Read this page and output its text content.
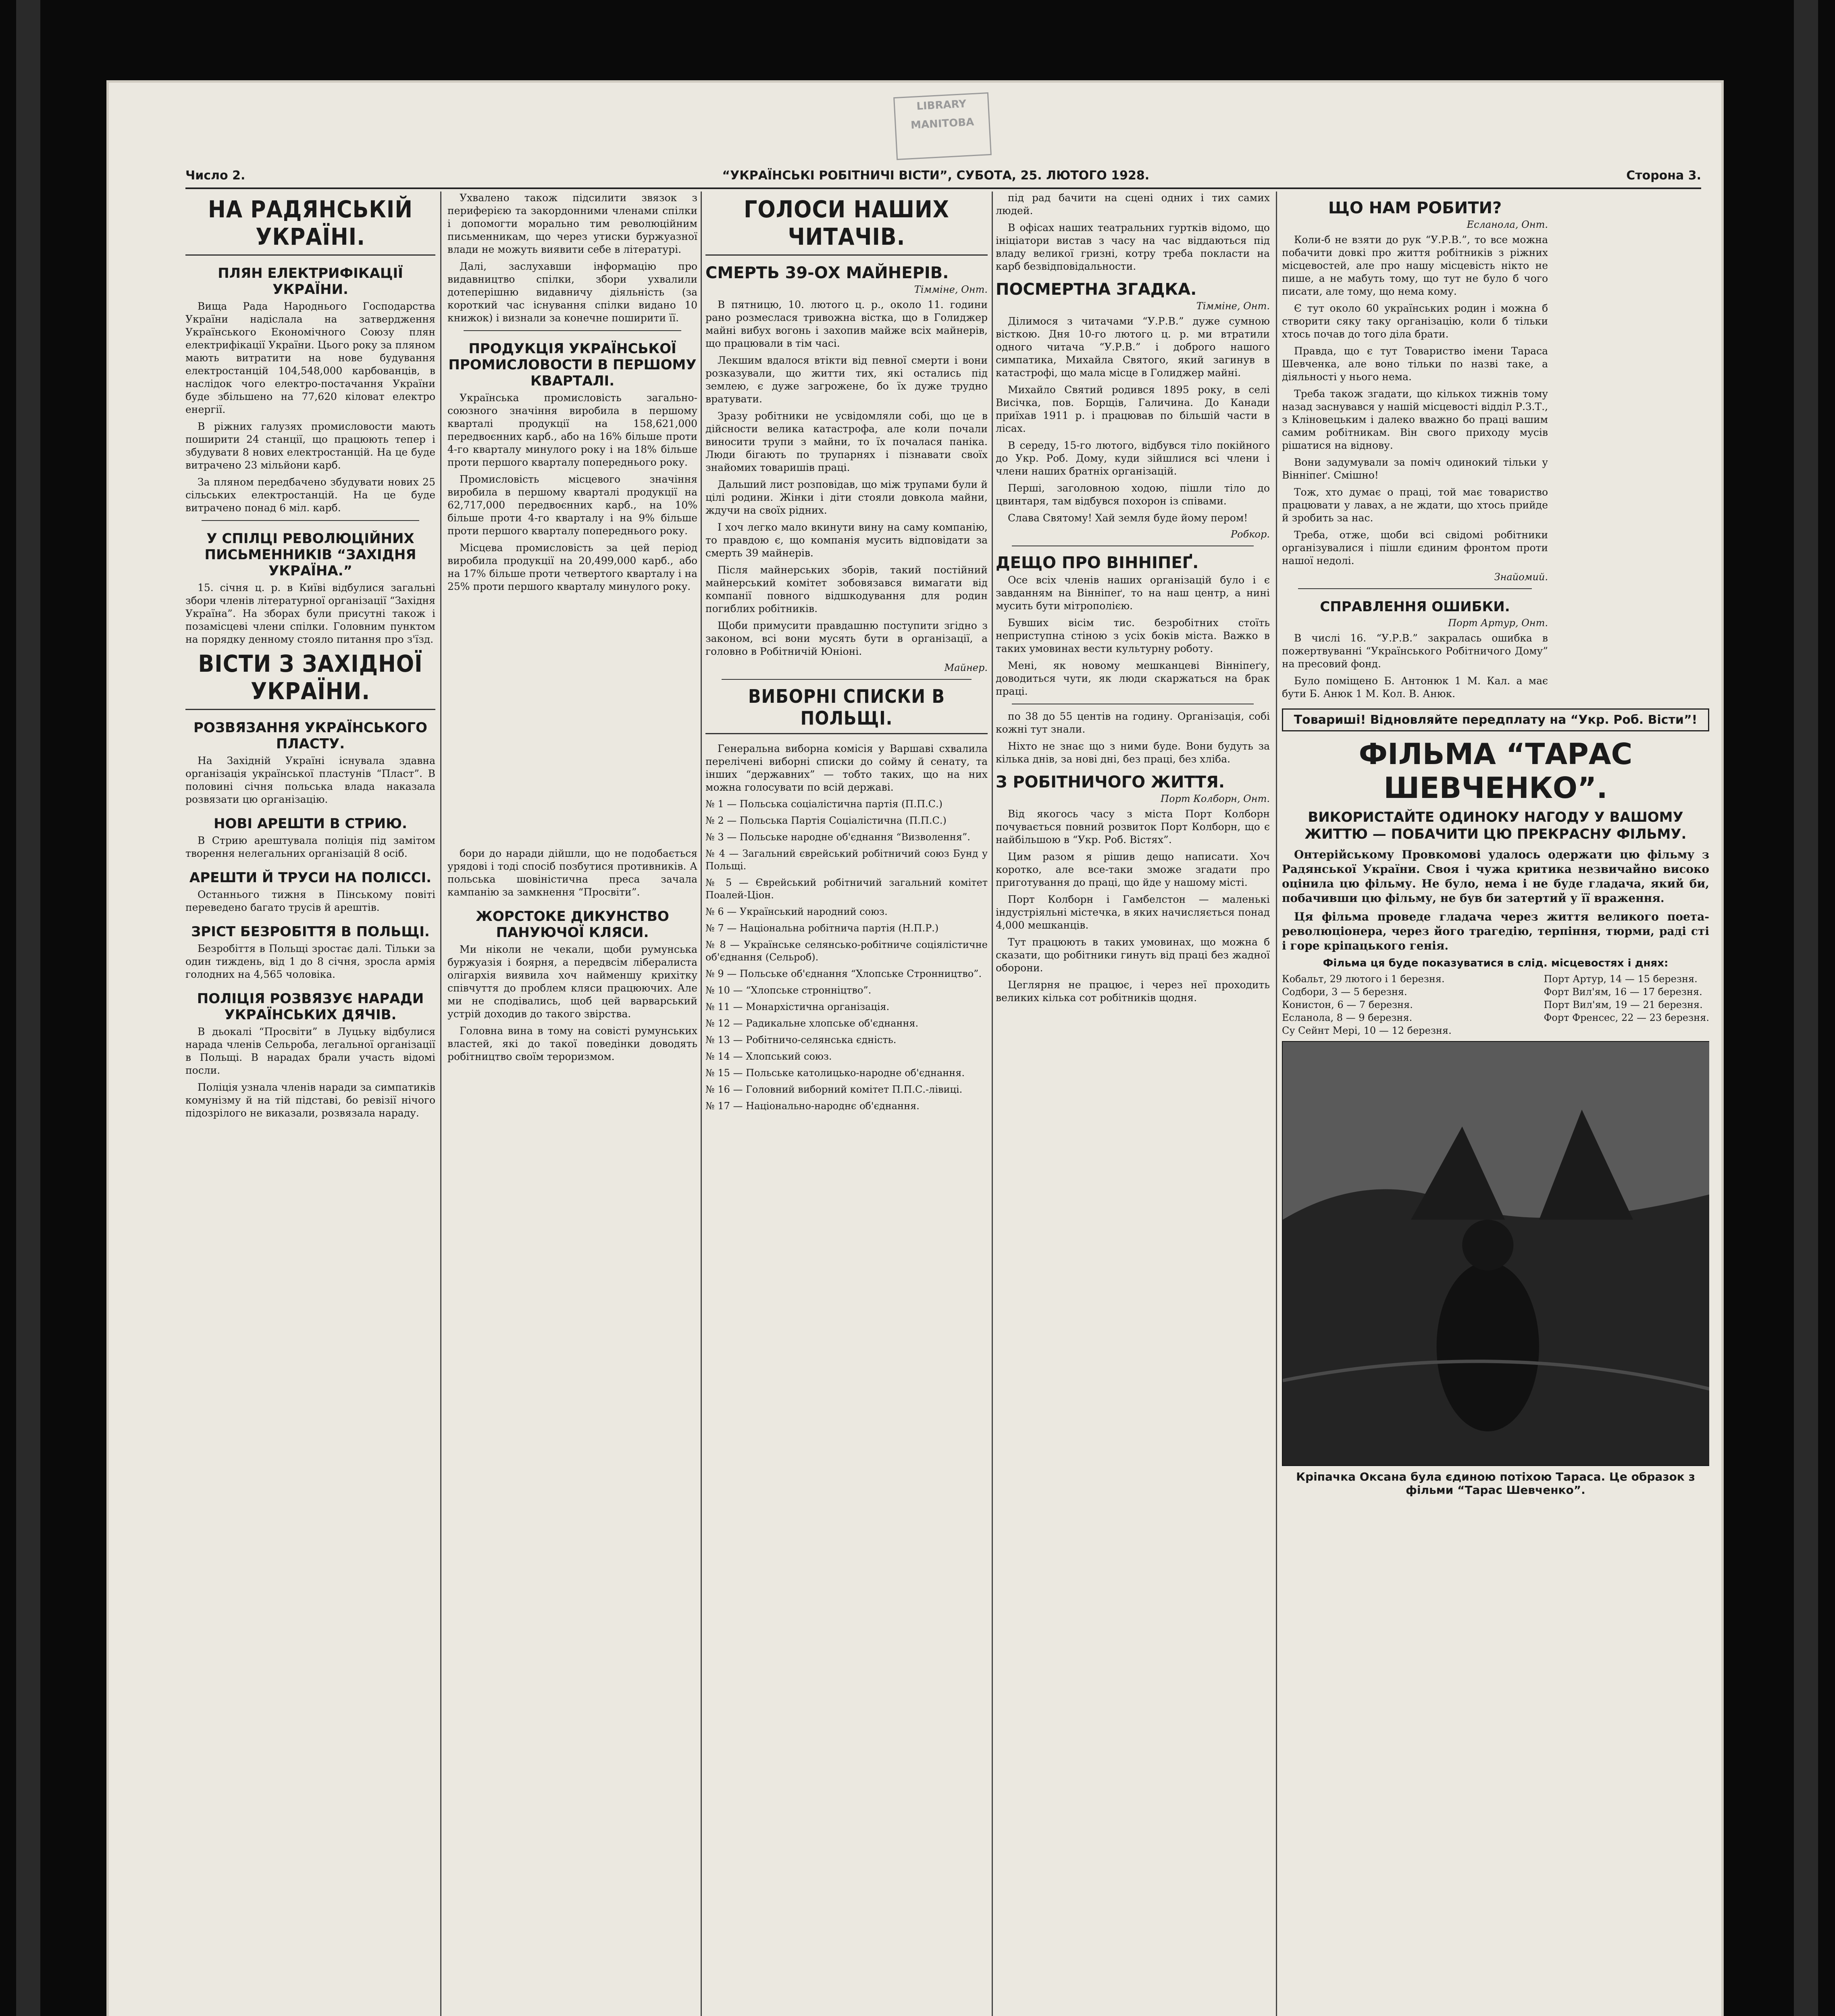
LIBRARY
MANITOBA
Число 2.	“УКРАЇНСЬКІ РОБІТНИЧІ ВІСТИ”, СУБОТА, 25. ЛЮТОГО 1928.	Сторона 3.
НА РАДЯНСЬКІЙ УКРАЇНІ.
ПЛЯН ЕЛЕКТРИФІКАЦІЇ УКРАЇНИ.

Вища Рада Народнього Господарства України надіслала на затвердження Українського Економічного Союзу плян електрифікації України. Цього року за пляном мають витратити на нове будування електростанцій 104,548,000 карбованців, в наслідок чого електро-постачання України буде збільшено на 77,620 кіловат електро енергії.

В ріжних галузях промисловости мають поширити 24 станції, що працюють тепер і збудувати 8 нових електростанцій. На це буде витрачено 23 мільйони карб.

За пляном передбачено збудувати нових 25 сільських електростанцій. На це буде витрачено понад 6 міл. карб.

У СПІЛЦІ РЕВОЛЮЦІЙНИХ ПИСЬМЕННИКІВ “ЗАХІДНЯ УКРАЇНА.”

15. січня ц. р. в Київі відбулися загальні збори членів літературної організації “Західня Україна”. На зборах були присутні також і позамісцеві члени спілки. Головним пунктом на порядку денному стояло питання про з'їзд.

ВІСТИ З ЗАХІДНОЇ УКРАЇНИ.
РОЗВЯЗАННЯ УКРАЇНСЬКОГО ПЛАСТУ.

На Західній Україні існувала здавна організація української пластунів “Пласт”. В половині січня польська влада наказала розвязати цю організацію.

НОВІ АРЕШТИ В СТРИЮ.

В Стрию арештувала поліція під замітом творення нелегальних організацій 8 осіб.

АРЕШТИ Й ТРУСИ НА ПОЛІССІ.

Останнього тижня в Пінському повіті переведено багато трусів й арештів.

ЗРІСТ БЕЗРОБІТТЯ В ПОЛЬЩІ.

Безробіття в Польщі зростає далі. Тільки за один тиждень, від 1 до 8 січня, зросла армія голодних на 4,565 чоловіка.

ПОЛІЦІЯ РОЗВЯЗУЄ НАРАДИ УКРАЇНСЬКИХ ДЯЧІВ.

В дьокалі “Просвіти” в Луцьку відбулися нарада членів Сельроба, легальної організації в Польщі. В нарадах брали участь відомі посли.

Поліція узнала членів наради за симпатиків комунізму й на тій підставі, бо ревізії нічого підозрілого не виказали, розвязала нараду.

Ухвалено також підсилити звязок з периферією та закордонними членами спілки і допомогти морально тим революційним письменникам, що через утиски буржуазної влади не можуть виявити себе в літературі.

Далі, заслухавши інформацію про видавництво спілки, збори ухвалили дотеперішню видавничу діяльність (за короткий час існування спілки видано 10 книжок) і визнали за конечне поширити її.

ПРОДУКЦІЯ УКРАЇНСЬКОЇ ПРОМИСЛОВОСТИ В ПЕРШОМУ КВАРТАЛІ.

Українська промисловість загально-союзного значіння виробила в першому кварталі продукції на 158,621,000 передвоєнних карб., або на 16% більше проти 4-го кварталу минулого року і на 18% більше проти першого кварталу попереднього року.

Промисловість місцевого значіння виробила в першому кварталі продукції на 62,717,000 передвоєнних карб., на 10% більше проти 4-го кварталу і на 9% більше проти першого кварталу попереднього року.

Місцева промисловість за цей період виробила продукції на 20,499,000 карб., або на 17% більше проти четвертого кварталу і на 25% проти першого кварталу минулого року.

бори до наради дійшли, що не подобається урядові і тоді спосіб позбутися противників. А польська шовіністична преса зачала кампанію за замкнення “Просвіти”.

ЖОРСТОКЕ ДИКУНСТВО ПАНУЮЧОЇ КЛЯСИ.

Ми ніколи не чекали, щоби румунська буржуазія і боярня, а передвсім лібералиста олігархія виявила хоч найменшу крихітку співчуття до проблем кляси працюючих. Але ми не сподівались, щоб цей варварський устрій доходив до такого звірства.

Головна вина в тому на совісті румунських властей, які до такої поведінки доводять робітництво своїм тероризмом.

ГОЛОСИ НАШИХ ЧИТАЧІВ.
СМЕРТЬ 39-ОХ МАЙНЕРІВ.
Тімміне, Онт.

В пятницю, 10. лютого ц. р., около 11. години рано розмеслася тривожна вістка, що в Голиджер майні вибух вогонь і захопив майже всіх майнерів, що працювали в тім часі.

Лекшим вдалося втікти від певної смерти і вони розказували, що житти тих, які остались під землею, є дуже загрожене, бо їх дуже трудно вратувати.

Зразу робітники не усвідомляли собі, що це в дійсности велика катастрофа, але коли почали виносити трупи з майни, то їх почалася паніка. Люди бігають по трупарнях і пізнавати своїх знайомих товаришів праці.

Дальший лист розповідав, що між трупами були й цілі родини. Жінки і діти стояли довкола майни, ждучи на своїх рідних.

І хоч легко мало вкинути вину на саму компанію, то правдою є, що компанія мусить відповідати за смерть 39 майнерів.

Після майнерських зборів, такий постійний майнерський комітет зобовязався вимагати від компанії повного відшкодування для родин погиблих робітників.

Щоби примусити правдашню поступити згідно з законом, всі вони мусять бути в організації, а головно в Робітничій Юніоні.

Майнер.
ВИБОРНІ СПИСКИ В ПОЛЬЩІ.

Генеральна виборна комісія у Варшаві схвалила перелічені виборні списки до сойму й сенату, та інших “державних” — тобто таких, що на них можна голосувати по всій державі.

№ 1 — Польська соціалістична партія (П.П.С.)

№ 2 — Польська Партія Соціалістична (П.П.С.)

№ 3 — Польське народне об'єднання “Визволення”.

№ 4 — Загальний єврейський робітничий союз Бунд у Польщі.

№ 5 — Єврейський робітничий загальний комітет Поалей-Ціон.

№ 6 — Український народний союз.

№ 7 — Національна робітнича партія (Н.П.Р.)

№ 8 — Українське селянсько-робітниче соціялістичне об'єднання (Сельроб).

№ 9 — Польське об'єднання “Хлопське Стронництво”.

№ 10 — “Хлопське стронніцтво”.

№ 11 — Монархістична організація.

№ 12 — Радикальне хлопське об'єднання.

№ 13 — Робітничо-селянська єдність.

№ 14 — Хлопський союз.

№ 15 — Польське католицько-народне об'єднання.

№ 16 — Головний виборний комітет П.П.С.-лівиці.

№ 17 — Національно-народнє об'єднання.

під рад бачити на сцені одних і тих самих людей.

В офісах наших театральних гуртків відомо, що ініціатори вистав з часу на час віддаються під владу великої гризні, котру треба покласти на карб безвідповідальности.

ПОСМЕРТНА ЗГАДКА.
Тімміне, Онт.

Ділимося з читачами “У.Р.В.” дуже сумною вісткою. Дня 10-го лютого ц. р. ми втратили одного читача “У.Р.В.” і доброго нашого симпатика, Михайла Святого, який загинув в катастрофі, що мала місце в Голиджер майні.

Михайло Святий родився 1895 року, в селі Висічка, пов. Борщів, Галичина. До Канади приїхав 1911 р. і працював по більшій части в лісах.

В середу, 15-го лютого, відбувся тіло покійного до Укр. Роб. Дому, куди зійшлися всі члени і члени наших братніх організацій.

Перші, заголовною ходою, пішли тіло до цвинтаря, там відбувся похорон із співами.

Слава Святому! Хай земля буде йому пером!

Робкор.
ДЕЩО ПРО ВІННІПЕҐ.

Осе всіх членів наших організацій було і є завданням на Вінніпеґ, то на наш центр, а нині мусить бути мітрополією.

Бувших вісім тис. безробітних стоїть неприступна стіною з усіх боків міста. Важко в таких умовинах вести культурну роботу.

Мені, як новому мешканцеві Вінніпеґу, доводиться чути, як люди скаржаться на брак праці.

по 38 до 55 центів на годину. Організація, собі кожні тут знали.

Ніхто не знає що з ними буде. Вони будуть за кілька днів, за нові дні, без праці, без хліба.

З РОБІТНИЧОГО ЖИТТЯ.
Порт Колборн, Онт.

Від якогось часу з міста Порт Колборн почувається повний розвиток Порт Колборн, що є найбільшою в “Укр. Роб. Вістях”.

Цим разом я рішив дещо написати. Хоч коротко, але все-таки зможе згадати про приготування до праці, що йде у нашому місті.

Порт Колборн і Гамбелстон — маленькі індустріяльні містечка, в яких начисляється понад 4,000 мешканців.

Тут працюють в таких умовинах, що можна б сказати, що робітники гинуть від праці без жадної оборони.

Цеглярня не працює, і через неї проходить великих кілька сот робітників щодня.

ЩО НАМ РОБИТИ?
Есланола, Онт.

Коли-б не взяти до рук “У.Р.В.”, то все можна побачити довкі про життя робітників з ріжних місцевостей, але про нашу місцевість нікто не пише, а не мабуть тому, що тут не було б чого писати, але тому, що нема кому.

Є тут около 60 українських родин і можна б створити сяку таку організацію, коли б тільки хтось почав до того діла брати.

Правда, що є тут Товариство імени Тараса Шевченка, але воно тільки по назві таке, а діяльності у нього нема.

Треба також згадати, що кількох тижнів тому назад заснувався у нашій місцевості відділ Р.З.Т., з Кліновецьким і далеко вважно бо праці вашим самим робітникам. Він свого приходу мусів рішатися на віднову.

Вони задумували за поміч одинокий тільки у Вінніпеґ. Смішно!

Тож, хто думає о праці, той має товариство працювати у лавах, а не ждати, що хтось прийде й зробить за нас.

Треба, отже, щоби всі свідомі робітники організувалися і пішли єдиним фронтом проти нашої недолі.

Знайомий.
СПРАВЛЕННЯ ОШИБКИ.
Порт Артур, Онт.

В числі 16. “У.Р.В.” закралась ошибка в пожертвуванні “Українського Робітничого Дому” на пресовий фонд.

Було поміщено Б. Антонюк 1 М. Кал. а має бути Б. Анюк 1 М. Кол. В. Анюк.

Товариші! Відновляйте передплату на “Укр. Роб. Вісти”!
ФІЛЬМА “ТАРАС ШЕВЧЕНКО”.
ВИКОРИСТАЙТЕ ОДИНОКУ НАГОДУ У ВАШОМУ ЖИТТЮ — ПОБАЧИТИ ЦЮ ПРЕКРАСНУ ФІЛЬМУ.

Онтерійському Провкомові удалось одержати цю фільму з Радянської України. Своя і чужа критика незвичайно високо оцінила цю фільму. Не було, нема і не буде гладача, який би, побачивши цю фільму, не був би затертий у її враження.

Ця фільма проведе гладача через життя великого поета-революціонера, через його трагедію, терпіння, тюрми, раді сті і горе кріпацького генія.

Фільма ця буде показуватися в слід. місцевостях і днях:
Кобальт, 29 лютого і 1 березня.
Содбори, 3 — 5 березня.
Конистон, 6 — 7 березня.
Есланола, 8 — 9 березня.
Су Сейнт Мері, 10 — 12 березня.
Порт Артур, 14 — 15 березня.
Форт Вил'ям, 16 — 17 березня.
Порт Вил'ям, 19 — 21 березня.
Форт Френсес, 22 — 23 березня.
Кріпачка Оксана була єдиною потіхою Тараса. Це образок з фільми “Тарас Шевченко”.
